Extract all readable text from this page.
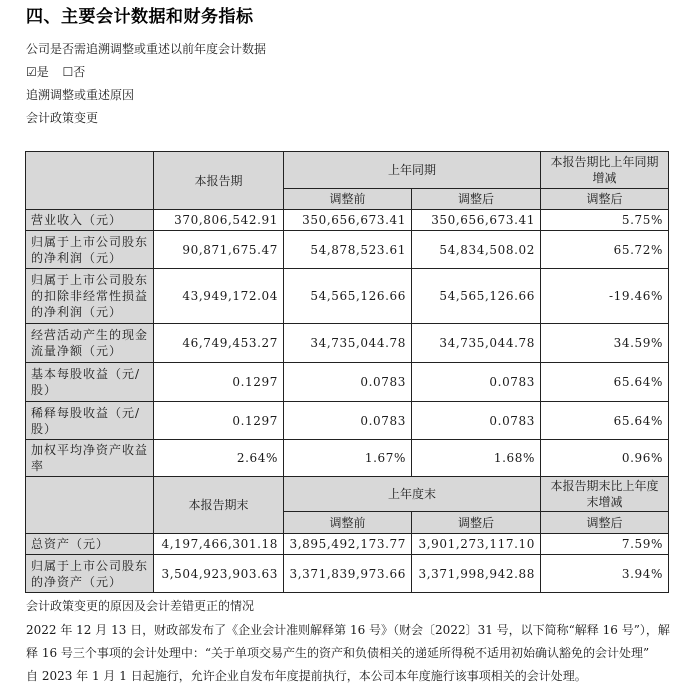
四、主要会计数据和财务指标
公司是否需追溯调整或重述以前年度会计数据
☑是 ☐否
追溯调整或重述原因
会计政策变更
	本报告期	上年同期		本报告期比上年同期增减
		调整前	调整后	调整后
营业收入（元）	370,806,542.91	350,656,673.41	350,656,673.41	5.75%
归属于上市公司股东的净利润（元）	90,871,675.47	54,878,523.61	54,834,508.02	65.72%
归属于上市公司股东的扣除非经常性损益的净利润（元）	43,949,172.04	54,565,126.66	54,565,126.66	-19.46%
经营活动产生的现金流量净额（元）	46,749,453.27	34,735,044.78	34,735,044.78	34.59%
基本每股收益（元/股）	0.1297	0.0783	0.0783	65.64%
稀释每股收益（元/股）	0.1297	0.0783	0.0783	65.64%
加权平均净资产收益率	2.64%	1.67%	1.68%	0.96%
	本报告期末	上年度末		本报告期末比上年度末增减
		调整前	调整后	调整后
总资产（元）	4,197,466,301.18	3,895,492,173.77	3,901,273,117.10	7.59%
归属于上市公司股东的净资产（元）	3,504,923,903.63	3,371,839,973.66	3,371,998,942.88	3.94%
会计政策变更的原因及会计差错更正的情况
2022 年 12 月 13 日，财政部发布了《企业会计准则解释第 16 号》（财会〔2022〕31 号，以下简称“解释 16 号”），解
释 16 号三个事项的会计处理中：“关于单项交易产生的资产和负债相关的递延所得税不适用初始确认豁免的会计处理”
自 2023 年 1 月 1 日起施行，允许企业自发布年度提前执行，本公司本年度施行该事项相关的会计处理。
